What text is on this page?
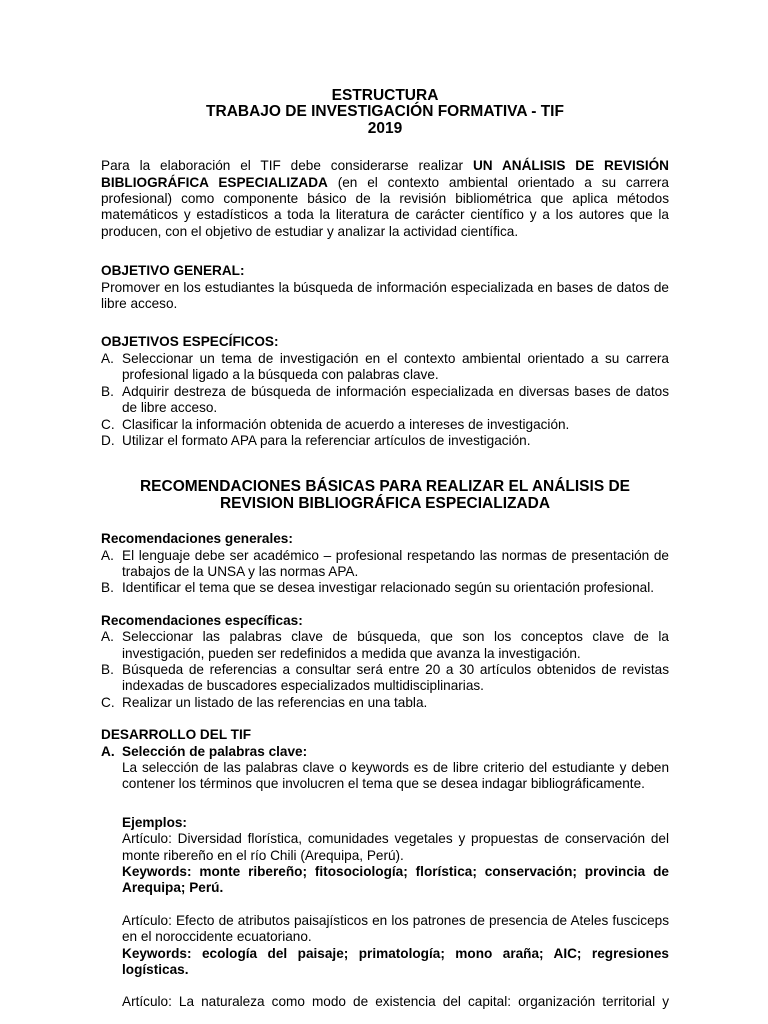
ESTRUCTURA
TRABAJO DE INVESTIGACIÓN FORMATIVA - TIF
2019

Para la elaboración el TIF debe considerarse realizar UN ANÁLISIS DE REVISIÓN BIBLIOGRÁFICA ESPECIALIZADA (en el contexto ambiental orientado a su carrera profesional) como componente básico de la revisión bibliométrica que aplica métodos matemáticos y estadísticos a toda la literatura de carácter científico y a los autores que la producen, con el objetivo de estudiar y analizar la actividad científica.

OBJETIVO GENERAL:

Promover en los estudiantes la búsqueda de información especializada en bases de datos de libre acceso.

OBJETIVOS ESPECÍFICOS:

A. Seleccionar un tema de investigación en el contexto ambiental orientado a su carrera profesional ligado a la búsqueda con palabras clave.
B. Adquirir destreza de búsqueda de información especializada en diversas bases de datos de libre acceso.
C. Clasificar la información obtenida de acuerdo a intereses de investigación.
D. Utilizar el formato APA para la referenciar artículos de investigación.
RECOMENDACIONES BÁSICAS PARA REALIZAR EL ANÁLISIS DE
REVISION BIBLIOGRÁFICA ESPECIALIZADA

Recomendaciones generales:

A. El lenguaje debe ser académico – profesional respetando las normas de presentación de trabajos de la UNSA y las normas APA.
B. Identificar el tema que se desea investigar relacionado según su orientación profesional.

Recomendaciones específicas:

A. Seleccionar las palabras clave de búsqueda, que son los conceptos clave de la investigación, pueden ser redefinidos a medida que avanza la investigación.
B. Búsqueda de referencias a consultar será entre 20 a 30 artículos obtenidos de revistas indexadas de buscadores especializados multidisciplinarias.
C. Realizar un listado de las referencias en una tabla.

DESARROLLO DEL TIF

A. Selección de palabras clave:

La selección de las palabras clave o keywords es de libre criterio del estudiante y deben contener los términos que involucren el tema que se desea indagar bibliográficamente.

Ejemplos:

Artículo: Diversidad florística, comunidades vegetales y propuestas de conservación del monte ribereño en el río Chili (Arequipa, Perú).

Keywords: monte ribereño; fitosociología; florística; conservación; provincia de Arequipa; Perú.

Artículo: Efecto de atributos paisajísticos en los patrones de presencia de Ateles fusciceps en el noroccidente ecuatoriano.

Keywords: ecología del paisaje; primatología; mono araña; AIC; regresiones logísticas.

Artículo: La naturaleza como modo de existencia del capital: organización territorial y
